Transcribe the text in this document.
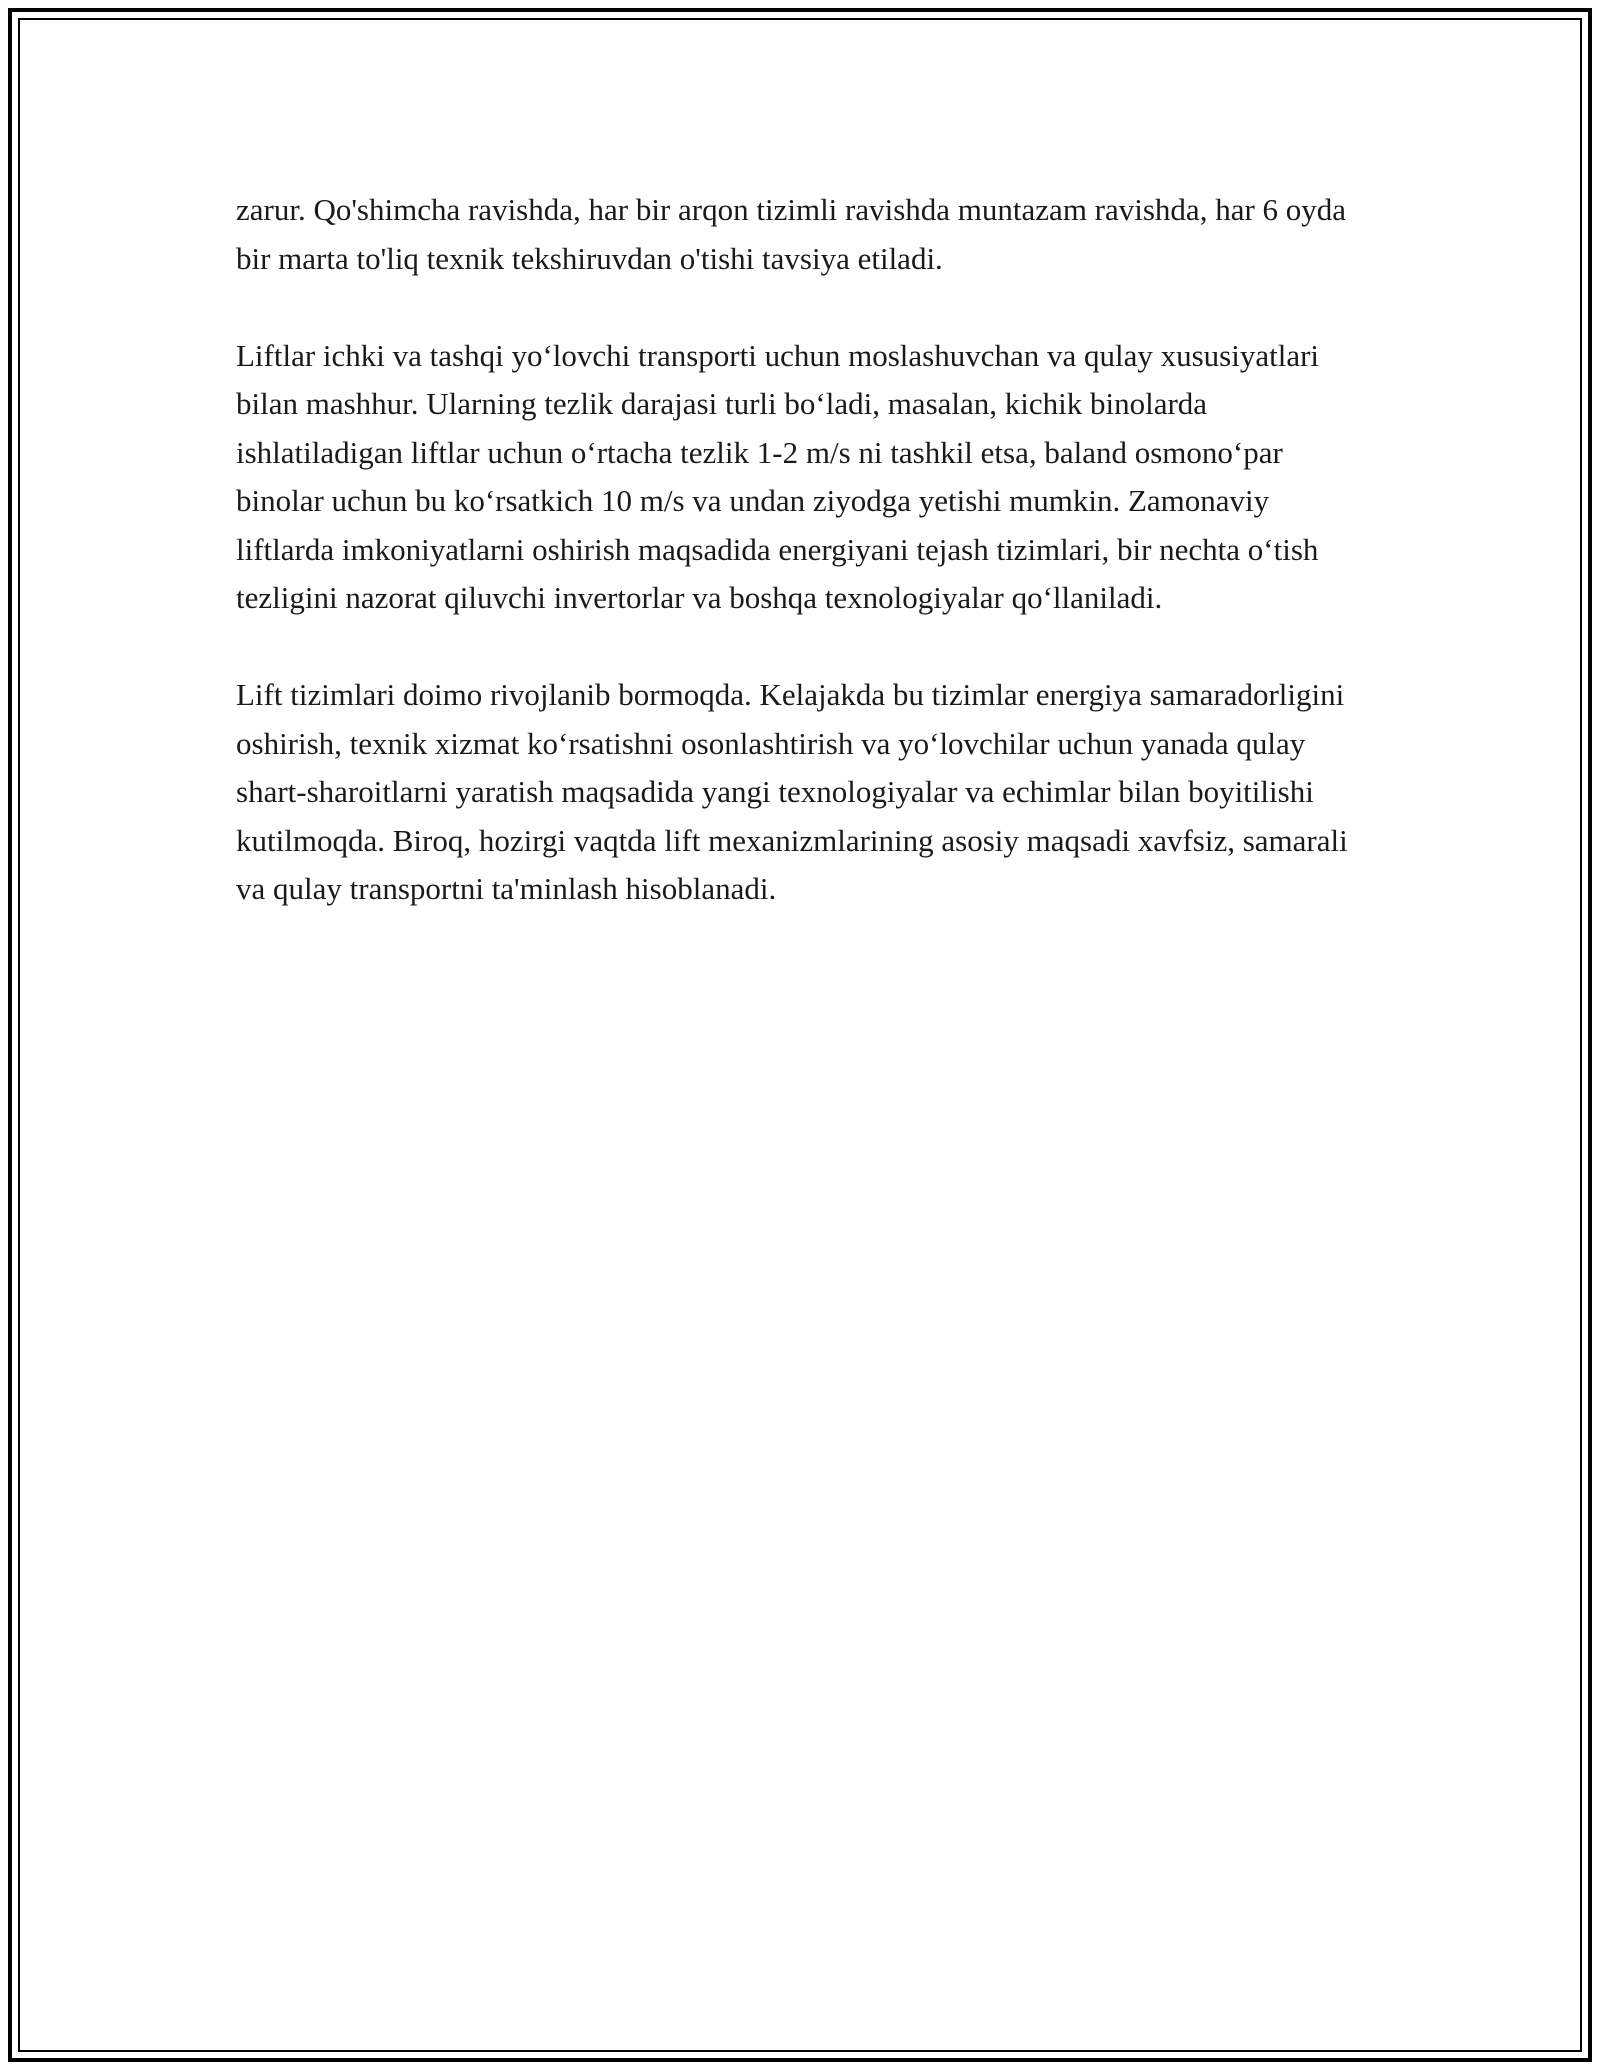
zarur. Qo'shimcha ravishda, har bir arqon tizimli ravishda muntazam ravishda, har 6 oyda bir marta to'liq texnik tekshiruvdan o'tishi tavsiya etiladi.

Liftlar ichki va tashqi yo‘lovchi transporti uchun moslashuvchan va qulay xususiyatlari bilan mashhur. Ularning tezlik darajasi turli bo‘ladi, masalan, kichik binolarda ishlatiladigan liftlar uchun o‘rtacha tezlik 1-2 m/s ni tashkil etsa, baland osmono‘par binolar uchun bu ko‘rsatkich 10 m/s va undan ziyodga yetishi mumkin. Zamonaviy liftlarda imkoniyatlarni oshirish maqsadida energiyani tejash tizimlari, bir nechta o‘tish tezligini nazorat qiluvchi invertorlar va boshqa texnologiyalar qo‘llaniladi.

Lift tizimlari doimo rivojlanib bormoqda. Kelajakda bu tizimlar energiya samaradorligini oshirish, texnik xizmat ko‘rsatishni osonlashtirish va yo‘lovchilar uchun yanada qulay shart-sharoitlarni yaratish maqsadida yangi texnologiyalar va echimlar bilan boyitilishi kutilmoqda. Biroq, hozirgi vaqtda lift mexanizmlarining asosiy maqsadi xavfsiz, samarali va qulay transportni ta'minlash hisoblanadi.
